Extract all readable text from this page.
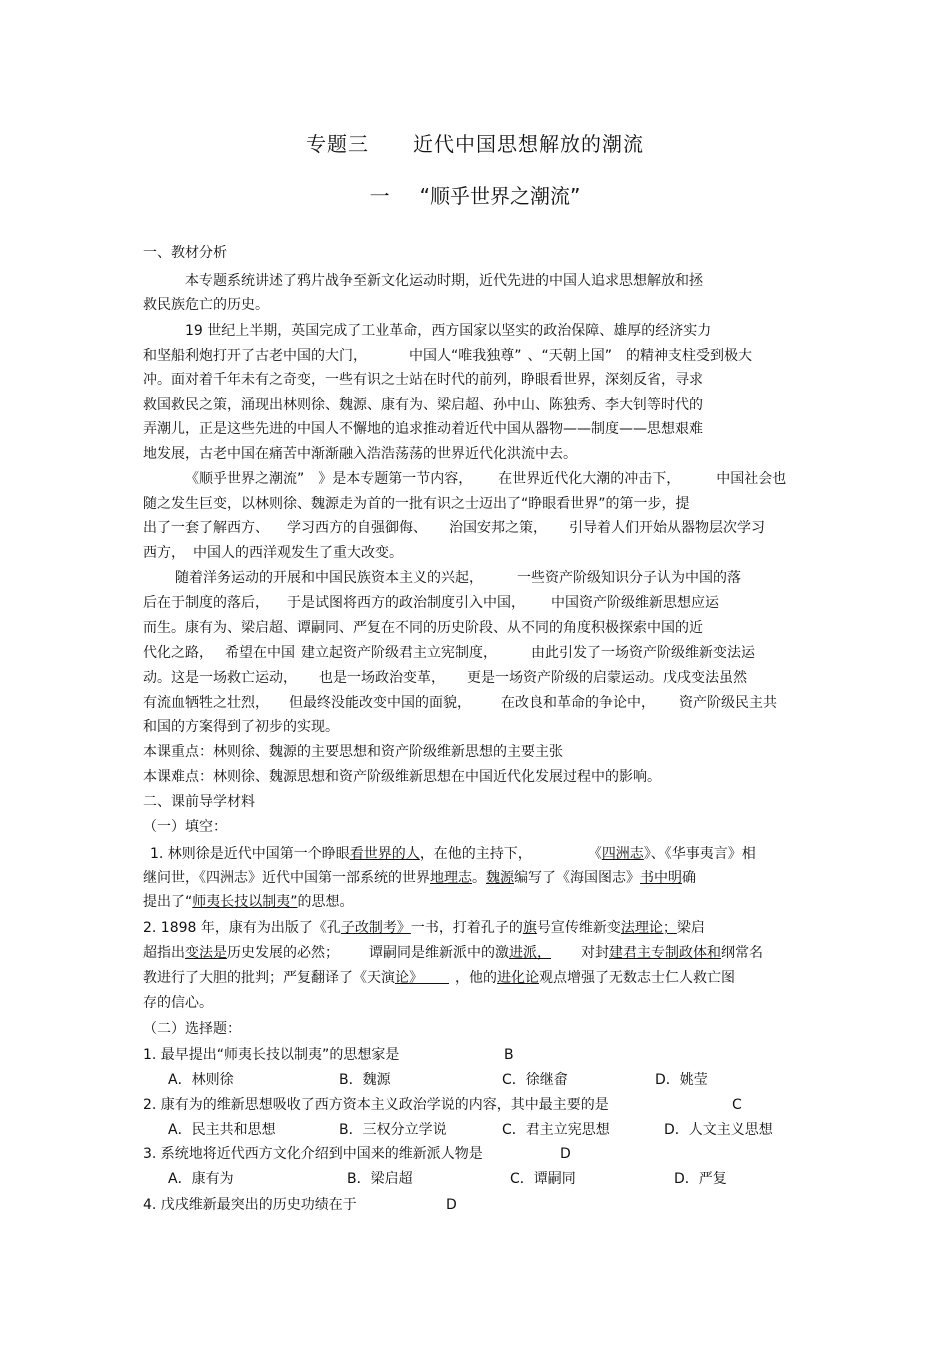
专题三 近代中国思想解放的潮流
一 “顺乎世界之潮流”
一、教材分析
本专题系统讲述了鸦片战争至新文化运动时期，近代先进的中国人追求思想解放和拯
救民族危亡的历史。
19 世纪上半期，英国完成了工业革命，西方国家以坚实的政治保障、雄厚的经济实力
和坚船利炮打开了古老中国的大门，	中国人“唯我独尊” 、“天朝上国” 的精神支柱受到极大
冲。面对着千年未有之奇变，一些有识之士站在时代的前列，睁眼看世界，深刻反省，寻求
救国救民之策，涌现出林则徐、魏源、康有为、梁启超、孙中山、陈独秀、李大钊等时代的
弄潮儿，正是这些先进的中国人不懈地的追求推动着近代中国从器物——制度——思想艰难
地发展，古老中国在痛苦中渐渐融入浩浩荡荡的世界近代化洪流中去。
《顺乎世界之潮流” 》是本专题第一节内容， 在世界近代化大潮的冲击下，	中国社会也
随之发生巨变，以林则徐、魏源走为首的一批有识之士迈出了“睁眼看世界”的第一步，提
出了一套了解西方、 学习西方的自强御侮、 治国安邦之策， 引导着人们开始从器物层次学习
西方， 中国人的西洋观发生了重大改变。
随着洋务运动的开展和中国民族资本主义的兴起， 一些资产阶级知识分子认为中国的落
后在于制度的落后， 于是试图将西方的政治制度引入中国， 中国资产阶级维新思想应运
而生。康有为、梁启超、谭嗣同、严复在不同的历史阶段、从不同的角度积极探索中国的近
代化之路， 希望在中国 建立起资产阶级君主立宪制度， 由此引发了一场资产阶级维新变法运
动。这是一场救亡运动， 也是一场政治变革， 更是一场资产阶级的启蒙运动。戊戌变法虽然
有流血牺牲之壮烈， 但最终没能改变中国的面貌， 在改良和革命的争论中， 资产阶级民主共
和国的方案得到了初步的实现。
本课重点：林则徐、魏源的主要思想和资产阶级维新思想的主要主张
本课难点：林则徐、魏源思想和资产阶级维新思想在中国近代化发展过程中的影响。
二、课前导学材料
（一）填空：
1. 林则徐是近代中国第一个睁眼看世界的人，在他的主持下，	《四洲志》、《华事夷言》相
继问世，《四洲志》近代中国第一部系统的世界地理志。魏源编写了《海国图志》书中明确
提出了“师夷长技以制夷”的思想。
2. 1898 年，康有为出版了《孔子改制考》一书，打着孔子的旗号宣传维新变法理论；梁启
超指出变法是历史发展的必然； 谭嗣同是维新派中的激进派， 对封建君主专制政体和纲常名
教进行了大胆的批判；严复翻译了《天演论》 ，他的进化论观点增强了无数志士仁人救亡图
存的信心。
（二）选择题：
1. 最早提出“师夷长技以制夷”的思想家是	B
A．林则徐	B．魏源	C．徐继畲	D．姚莹
2. 康有为的维新思想吸收了西方资本主义政治学说的内容，其中最主要的是	C
A．民主共和思想	B．三权分立学说	C．君主立宪思想	D．人文主义思想
3. 系统地将近代西方文化介绍到中国来的维新派人物是	D
A．康有为	B．梁启超	C．谭嗣同	D．严复
4. 戊戌维新最突出的历史功绩在于	D
